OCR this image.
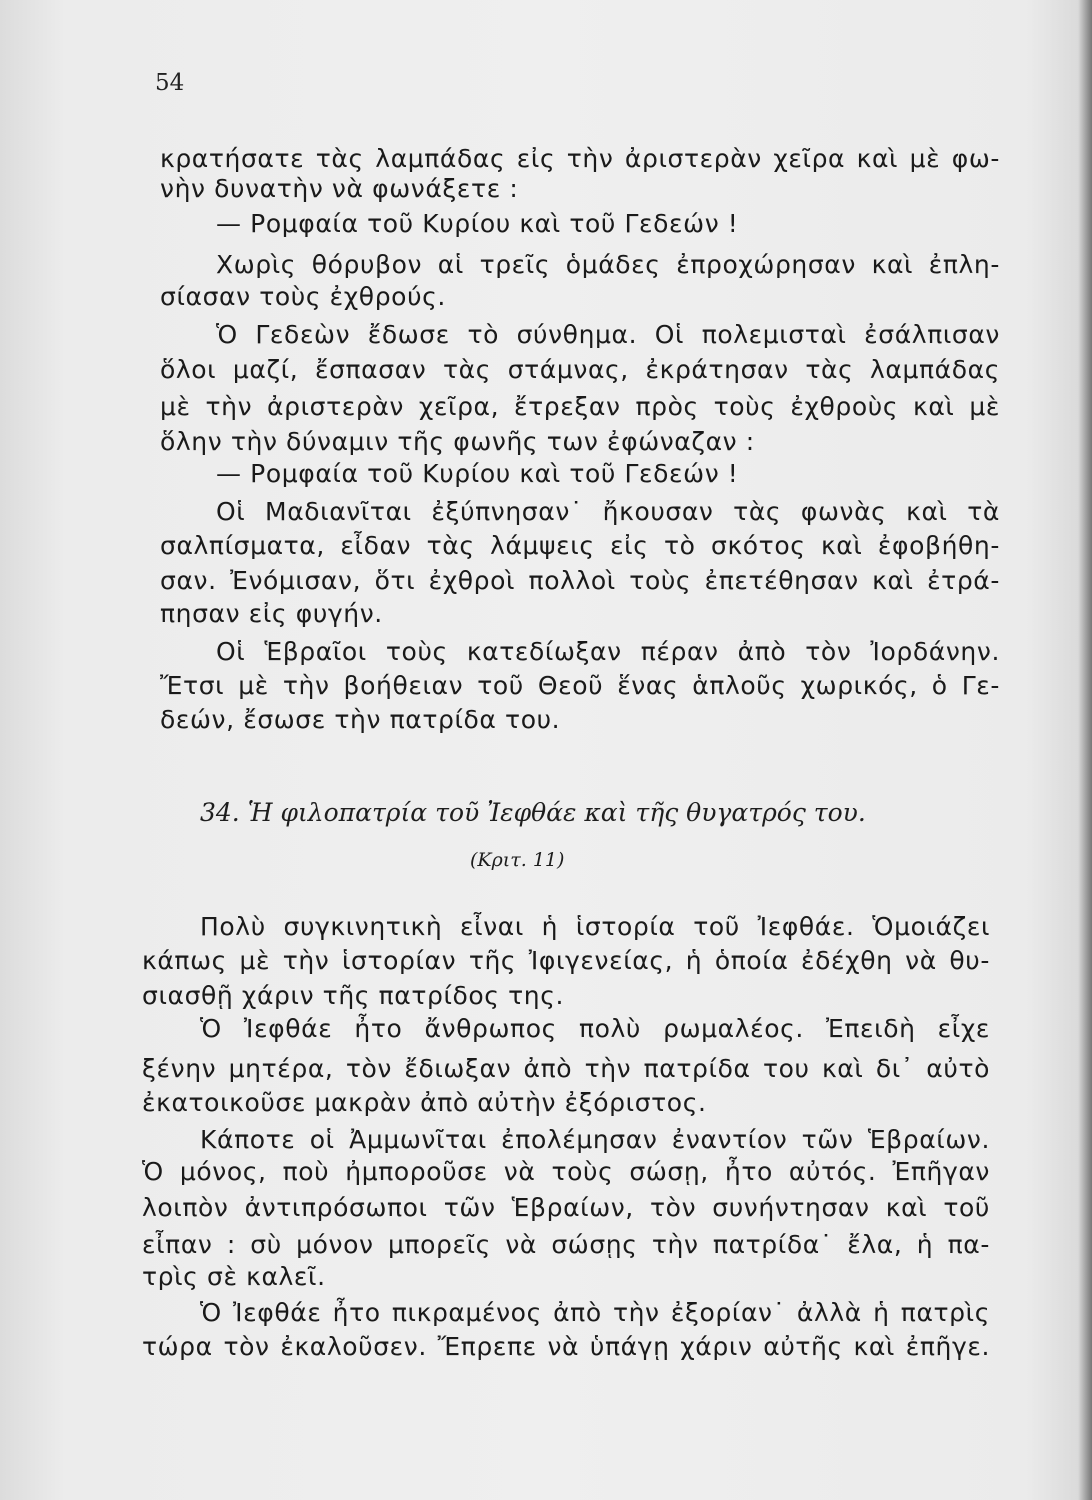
54
κρατήσατε τὰς λαμπάδας εἰς τὴν ἀριστερὰν χεῖρα καὶ μὲ φω-
νὴν δυνατὴν νὰ φωνάξετε :
— Ρομφαία τοῦ Κυρίου καὶ τοῦ Γεδεών !
Χωρὶς θόρυβον αἱ τρεῖς ὁμάδες ἐπροχώρησαν καὶ ἐπλη-
σίασαν τοὺς ἐχθρούς.
Ὁ Γεδεὼν ἔδωσε τὸ σύνθημα. Οἱ πολεμισταὶ ἐσάλπισαν
ὅλοι μαζί, ἔσπασαν τὰς στάμνας, ἐκράτησαν τὰς λαμπάδας
μὲ τὴν ἀριστερὰν χεῖρα, ἔτρεξαν πρὸς τοὺς ἐχθροὺς καὶ μὲ
ὅλην τὴν δύναμιν τῆς φωνῆς των ἐφώναζαν :
— Ρομφαία τοῦ Κυρίου καὶ τοῦ Γεδεών !
Οἱ Μαδιανῖται ἐξύπνησαν˙ ἤκουσαν τὰς φωνὰς καὶ τὰ
σαλπίσματα, εἶδαν τὰς λάμψεις εἰς τὸ σκότος καὶ ἐφοβήθη-
σαν. Ἐνόμισαν, ὅτι ἐχθροὶ πολλοὶ τοὺς ἐπετέθησαν καὶ ἐτρά-
πησαν εἰς φυγήν.
Οἱ Ἑβραῖοι τοὺς κατεδίωξαν πέραν ἀπὸ τὸν Ἰορδάνην.
Ἔτσι μὲ τὴν βοήθειαν τοῦ Θεοῦ ἕνας ἁπλοῦς χωρικός, ὁ Γε-
δεών, ἔσωσε τὴν πατρίδα του.
34. Ἡ φιλοπατρία τοῦ Ἰεφθάε καὶ τῆς θυγατρός του.
(Κριτ. 11)
Πολὺ συγκινητικὴ εἶναι ἡ ἱστορία τοῦ Ἰεφθάε. Ὁμοιάζει
κάπως μὲ τὴν ἱστορίαν τῆς Ἰφιγενείας, ἡ ὁποία ἐδέχθη νὰ θυ-
σιασθῇ χάριν τῆς πατρίδος της.
Ὁ Ἰεφθάε ἦτο ἄνθρωπος πολὺ ρωμαλέος. Ἐπειδὴ εἶχε
ξένην μητέρα, τὸν ἔδιωξαν ἀπὸ τὴν πατρίδα του καὶ δι᾿ αὐτὸ
ἐκατοικοῦσε μακρὰν ἀπὸ αὐτὴν ἐξόριστος.
Κάποτε οἱ Ἀμμωνῖται ἐπολέμησαν ἐναντίον τῶν Ἑβραίων.
Ὁ μόνος, ποὺ ἠμποροῦσε νὰ τοὺς σώσῃ, ἦτο αὐτός. Ἐπῆγαν
λοιπὸν ἀντιπρόσωποι τῶν Ἑβραίων, τὸν συνήντησαν καὶ τοῦ
εἶπαν : σὺ μόνον μπορεῖς νὰ σώσῃς τὴν πατρίδα˙ ἔλα, ἡ πα-
τρὶς σὲ καλεῖ.
Ὁ Ἰεφθάε ἦτο πικραμένος ἀπὸ τὴν ἐξορίαν˙ ἀλλὰ ἡ πατρὶς
τώρα τὸν ἐκαλοῦσεν. Ἔπρεπε νὰ ὑπάγῃ χάριν αὐτῆς καὶ ἐπῆγε.
